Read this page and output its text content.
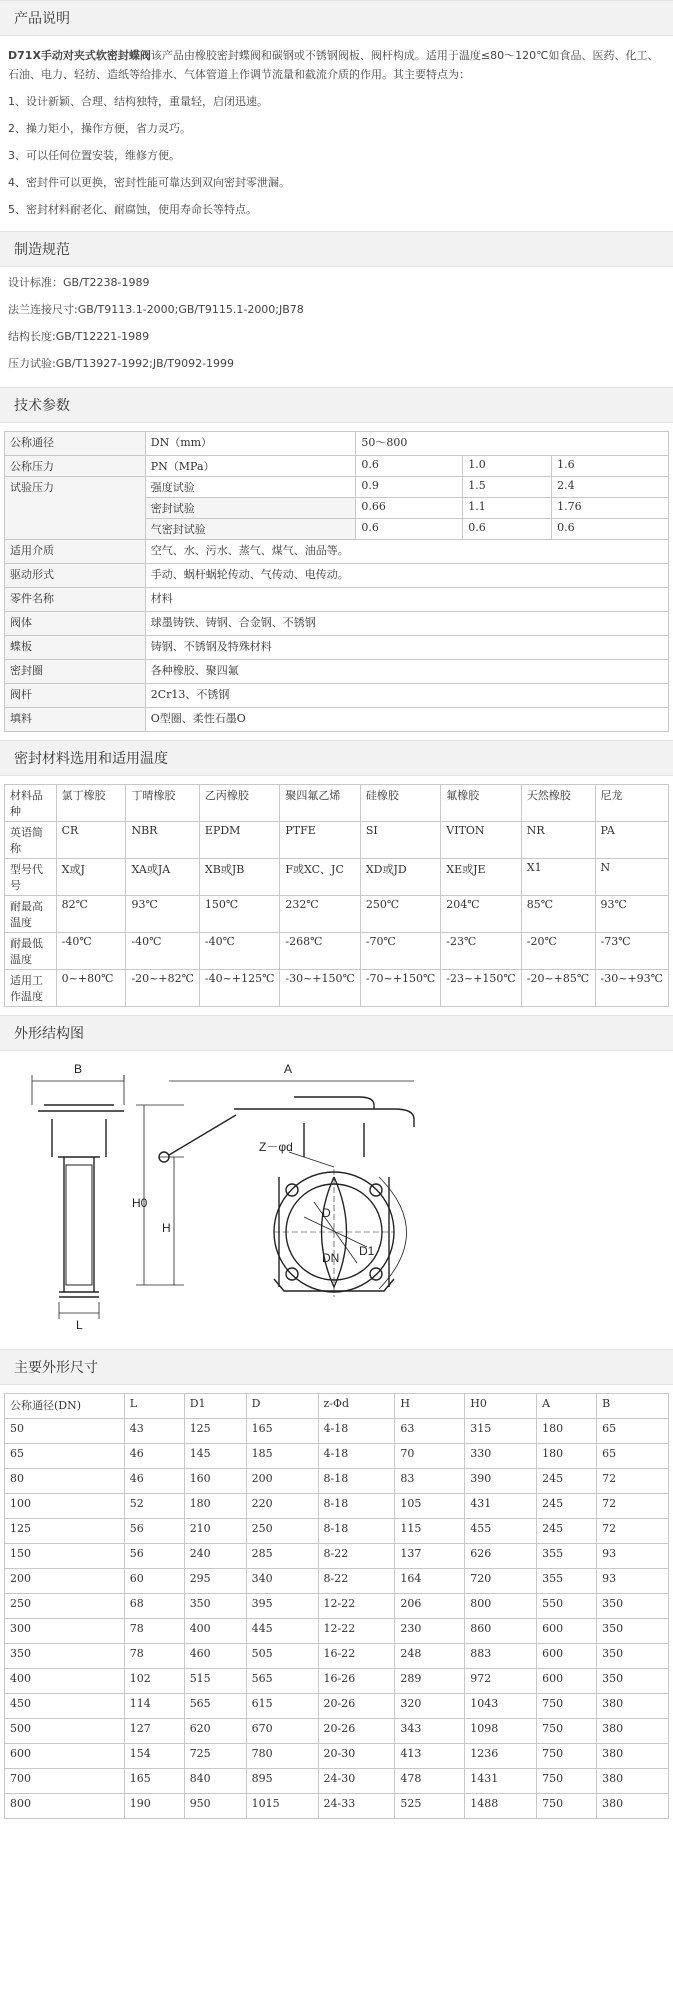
产品说明

D71X手动对夹式软密封蝶阀该产品由橡胶密封蝶阀和碳钢或不锈钢阀板、阀杆构成。适用于温度≤80～120℃如食品、医药、化工、石油、电力、轻纺、造纸等给排水、气体管道上作调节流量和截流介质的作用。其主要特点为：

1、设计新颖、合理、结构独特，重量轻，启闭迅速。

2、操力矩小，操作方便，省力灵巧。

3、可以任何位置安装，维修方便。

4、密封件可以更换，密封性能可靠达到双向密封零泄漏。

5、密封材料耐老化、耐腐蚀，使用寿命长等特点。

制造规范

设计标准：GB/T2238-1989

法兰连接尺寸:GB/T9113.1-2000;GB/T9115.1-2000;JB78

结构长度:GB/T12221-1989

压力试验:GB/T13927-1992;JB/T9092-1999

技术参数
公称通径	DN（mm）	50～800		
公称压力	PN（MPa）	0.6	1.0	1.6
试验压力	强度试验	0.9	1.5	2.4
	密封试验	0.66	1.1	1.76
	气密封试验	0.6	0.6	0.6
适用介质	空气、水、污水、蒸气、煤气、油品等。			
驱动形式	手动、蜗杆蜗轮传动、气传动、电传动。			
零件名称	材料			
阀体	球墨铸铁、铸钢、合金钢、不锈钢			
蝶板	铸钢、不锈钢及特殊材料			
密封圈	各种橡胶、聚四氟			
阀杆	2Cr13、不锈钢			
填料	O型圈、柔性石墨O			
密封材料选用和适用温度
材料品种	氯丁橡胶	丁晴橡胶	乙丙橡胶	聚四氟乙烯	硅橡胶	氟橡胶	天然橡胶	尼龙
英语简称	CR	NBR	EPDM	PTFE	SI	VITON	NR	PA
型号代号	X或J	XA或JA	XB或JB	F或XC、JC	XD或JD	XE或JE	X1	N
耐最高温度	82℃	93℃	150℃	232℃	250℃	204℃	85℃	93℃
耐最低温度	-40℃	-40℃	-40℃	-268℃	-70℃	-23℃	-20℃	-73℃
适用工作温度	0~+80℃	-20~+82℃	-40~+125℃	-30~+150℃	-70~+150℃	-23~+150℃	-20~+85℃	-30~+93℃
外形结构图
B	A
H0
H
L
Z－φd
D
D1
DN
主要外形尺寸
公称通径(DN)	L	D1	D	z-Φd	H	H0	A	B
50	43	125	165	4-18	63	315	180	65
65	46	145	185	4-18	70	330	180	65
80	46	160	200	8-18	83	390	245	72
100	52	180	220	8-18	105	431	245	72
125	56	210	250	8-18	115	455	245	72
150	56	240	285	8-22	137	626	355	93
200	60	295	340	8-22	164	720	355	93
250	68	350	395	12-22	206	800	550	350
300	78	400	445	12-22	230	860	600	350
350	78	460	505	16-22	248	883	600	350
400	102	515	565	16-26	289	972	600	350
450	114	565	615	20-26	320	1043	750	380
500	127	620	670	20-26	343	1098	750	380
600	154	725	780	20-30	413	1236	750	380
700	165	840	895	24-30	478	1431	750	380
800	190	950	1015	24-33	525	1488	750	380
